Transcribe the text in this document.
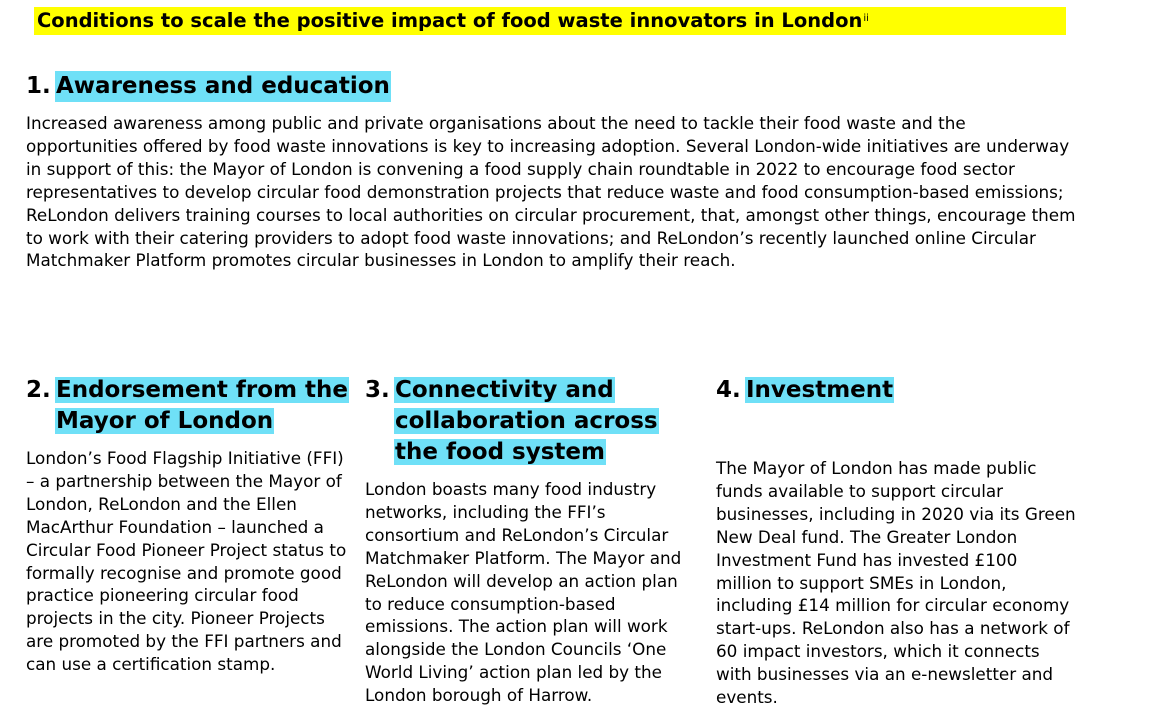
Conditions to scale the positive impact of food waste innovators in London$^{ii}$
1. Awareness and education
Increased awareness among public and private organisations about the need to tackle their food waste and the opportunities offered by food waste innovations is key to increasing adoption. Several London-wide initiatives are underway in support of this: the Mayor of London is convening a food supply chain roundtable in 2022 to encourage food sector representatives to develop circular food demonstration projects that reduce waste and food consumption-based emissions; ReLondon delivers training courses to local authorities on circular procurement, that, amongst other things, encourage them to work with their catering providers to adopt food waste innovations; and ReLondon’s recently launched online Circular Matchmaker Platform promotes circular businesses in London to amplify their reach.
2. Endorsement from the Mayor of London
London’s Food Flagship Initiative (FFI) – a partnership between the Mayor of London, ReLondon and the Ellen MacArthur Foundation – launched a Circular Food Pioneer Project status to formally recognise and promote good practice pioneering circular food projects in the city. Pioneer Projects are promoted by the FFI partners and can use a certification stamp.
3. Connectivity and collaboration across the food system
London boasts many food industry networks, including the FFI’s consortium and ReLondon’s Circular Matchmaker Platform. The Mayor and ReLondon will develop an action plan to reduce consumption-based emissions. The action plan will work alongside the London Councils ‘One World Living’ action plan led by the London borough of Harrow.
4. Investment
The Mayor of London has made public funds available to support circular businesses, including in 2020 via its Green New Deal fund. The Greater London Investment Fund has invested £100 million to support SMEs in London, including £14 million for circular economy start-ups. ReLondon also has a network of 60 impact investors, which it connects with businesses via an e-newsletter and events.
